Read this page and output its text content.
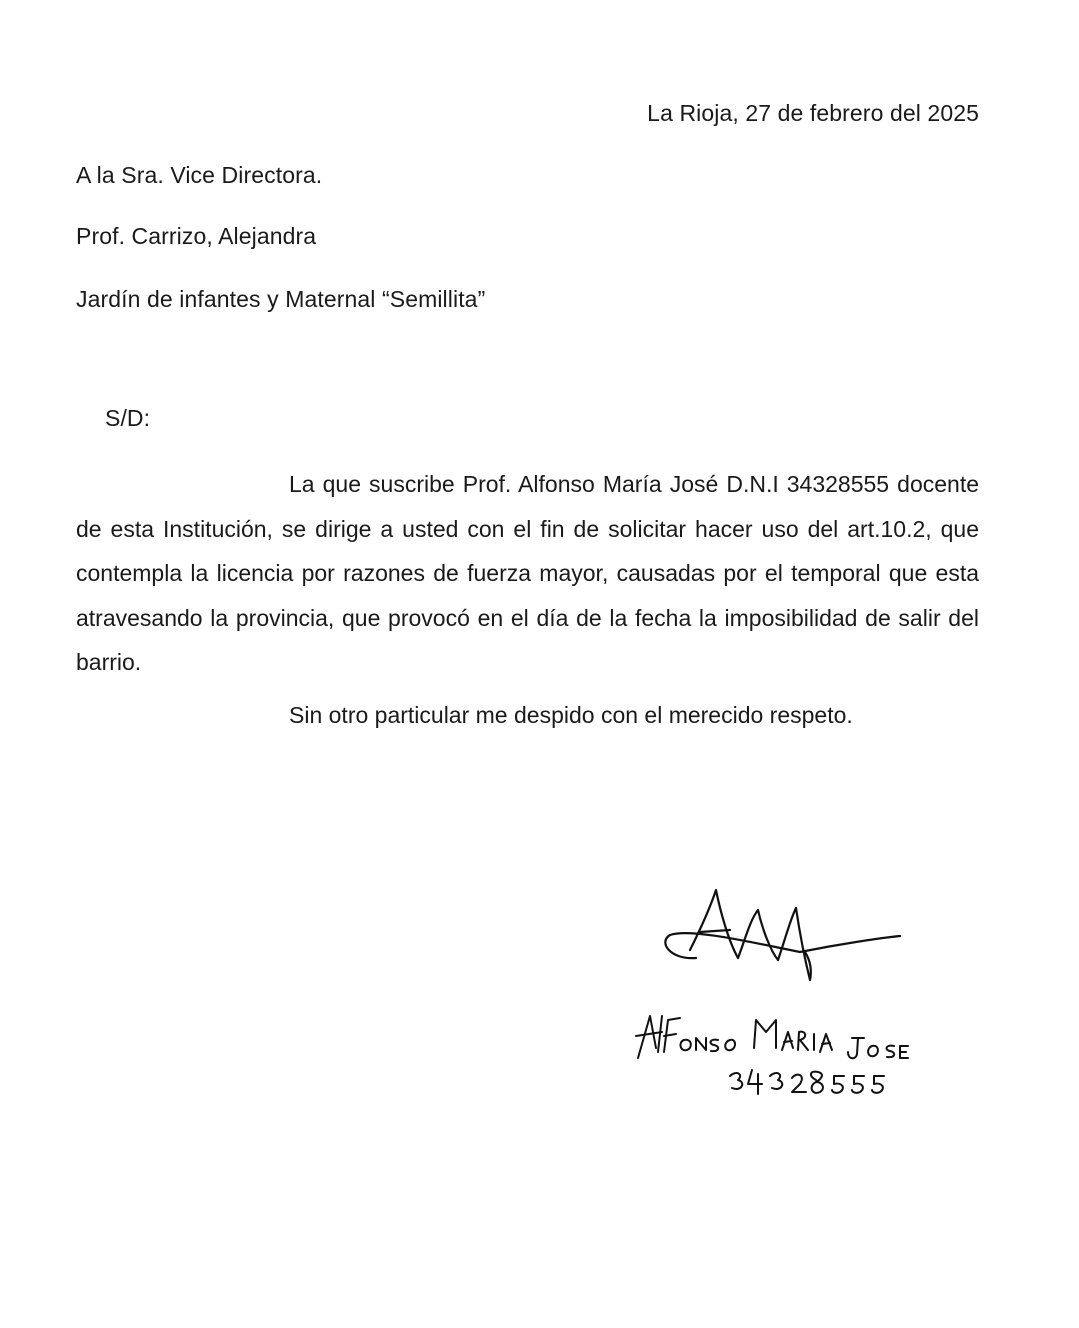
La Rioja, 27 de febrero del 2025
A la Sra. Vice Directora.
Prof. Carrizo, Alejandra
Jardín de infantes y Maternal “Semillita”
S/D:
La que suscribe Prof. Alfonso María José D.N.I 34328555 docente de esta Institución, se dirige a usted con el fin de solicitar hacer uso del art.10.2, que contempla la licencia por razones de fuerza mayor, causadas por el temporal que esta atravesando la provincia, que provocó en el día de la fecha la imposibilidad de salir del barrio.
Sin otro particular me despido con el merecido respeto.
